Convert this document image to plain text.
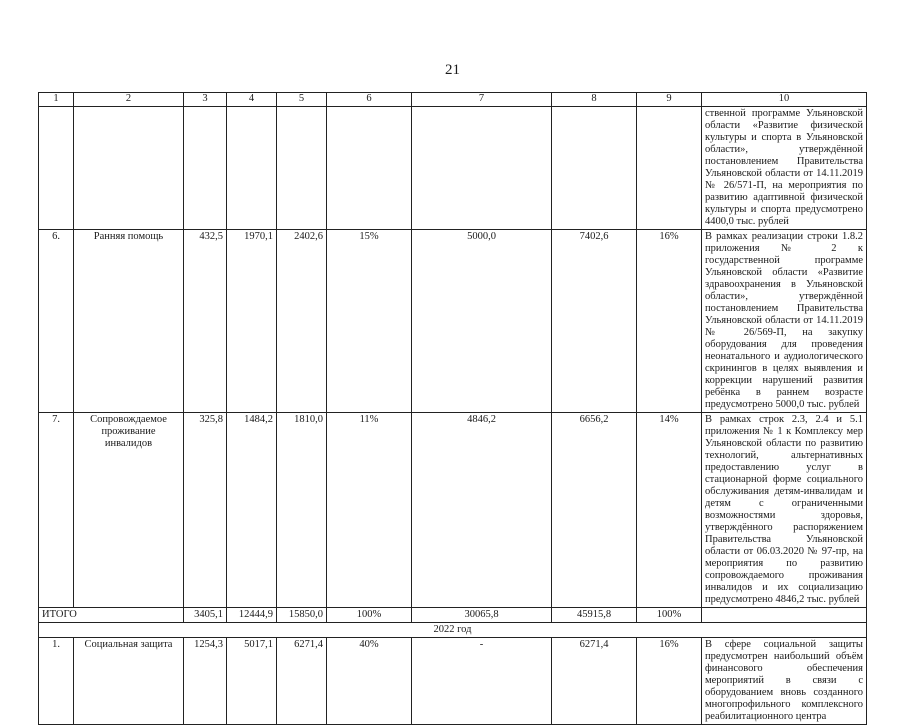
21
1	2	3	4	5	6	7	8	9	10
									ственной программе Ульяновской области «Развитие физической культуры и спорта в Ульяновской области», утверждённой постановлением Правительства Ульяновской области от 14.11.2019 № 26/571-П, на мероприятия по развитию адаптивной физической культуры и спорта предусмотрено 4400,0 тыс. рублей
6.	Ранняя помощь	432,5	1970,1	2402,6	15%	5000,0	7402,6	16%	В рамках реализации строки 1.8.2 приложения № 2 к государственной программе Ульяновской области «Развитие здравоохранения в Ульяновской области», утверждённой постановлением Правительства Ульяновской области от 14.11.2019 № 26/569-П, на закупку оборудования для проведения неонатального и аудиологического скринингов в целях выявления и коррекции нарушений развития ребёнка в раннем возрасте предусмотрено 5000,0 тыс. рублей
7.	Сопровождаемое проживание инвалидов	325,8	1484,2	1810,0	11%	4846,2	6656,2	14%	В рамках строк 2.3, 2.4 и 5.1 приложения № 1 к Комплексу мер Ульяновской области по развитию технологий, альтернативных предоставлению услуг в стационарной форме социального обслуживания детям-инвалидам и детям с ограниченными возможностями здоровья, утверждённого распоряжением Правительства Ульяновской области от 06.03.2020 № 97-пр, на мероприятия по развитию сопровождаемого проживания инвалидов и их социализацию предусмотрено 4846,2 тыс. рублей
ИТОГО		3405,1	12444,9	15850,0	100%	30065,8	45915,8	100%	
2022 год									
1.	Социальная защита	1254,3	5017,1	6271,4	40%	-	6271,4	16%	В сфере социальной защиты предусмотрен наибольший объём финансового обеспечения мероприятий в связи с оборудованием вновь созданного многопрофильного комплексного реабилитационного центра
